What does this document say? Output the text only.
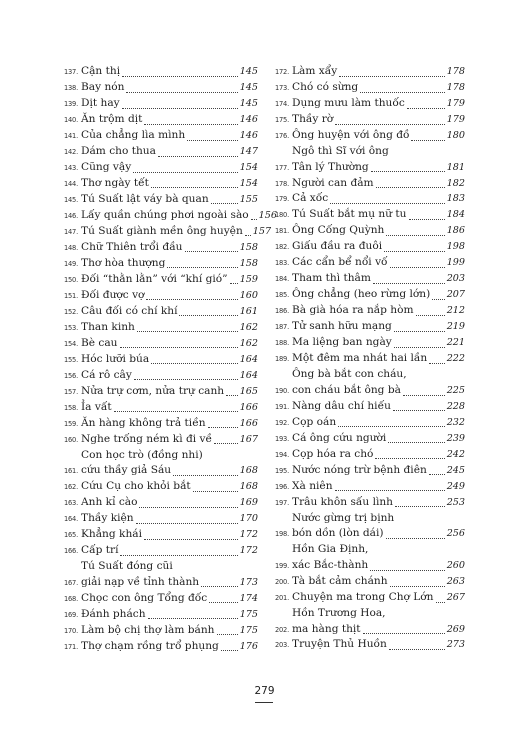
137. Cận thị	145
138. Bay nón	145
139. Dịt hay	145
140. Ăn trộm dịt	146
141. Của chẳng lìa mình	146
142. Dám cho thua	147
143. Cũng vậy	154
144. Thơ ngày tết	154
145. Tú Suất lật váy bà quan	155
146. Lấy quần chúng phơi ngoài sào 156
147. Tú Suất giành mền ông huyện 157
148. Chữ Thiên trổi đầu	158
149. Thơ hòa thượng	158
150. Đối “thằn lằn” với “khí gió” 159
151. Đối được vợ	160
152. Câu đối có chí khí	161
153. Than kinh	162
154. Bè cau	162
155. Hóc lưỡi búa	164
156. Cá rô cây	164
157. Nửa trự cơm, nửa trự canh 165
158. Ỉa vất	166
159. Ăn hàng không trả tiền	166
160. Nghe trống ném kì đi về	167
161.
Con học trò (đồng nhi)
cứu thầy giả Sáu	168
162. Cứu Cụ cho khỏi bắt	168
163. Anh kỉ cào	169
164. Thầy kiện	170
165. Khẳng khái	172
166. Cấp trí	172
167.
Tú Suất đóng cũi
giải nạp về tỉnh thành	173
168. Chọc con ông Tổng đốc	174
169. Đánh phách	175
170. Làm bộ chị thợ làm bánh	175
171. Thợ chạm rồng trổ phụng 176
172. Làm xẩy	178
173. Chó có sừng	178
174. Dụng mưu làm thuốc	179
175. Thầy rờ	179
176. Ông huyện với ông đồ	180
177.
Ngô thì Sĩ với ông
Tân lý Thường	181
178. Người can đảm	182
179. Cả xốc	183
180. Tú Suất bắt mụ nữ tu	184
181. Ông Cống Quỳnh	186
182. Giấu đầu ra đuôi	198
183. Các cẩn bể nổi vố	199
184. Tham thì thâm	203
185. Ông chẳng (heo rừng lớn) 207
186. Bà già hóa ra nắp hòm	212
187. Tử sanh hữu mạng	219
188. Ma liệng ban ngày	221
189. Một đêm ma nhát hai lần 222
190.
Ông bà bắt con cháu,
con cháu bắt ông bà	225
191. Nàng dâu chí hiếu	228
192. Cọp oán	232
193. Cá ông cứu người	239
194. Cọp hóa ra chó	242
195. Nước nóng trừ bệnh điên 245
196. Xà niên	249
197. Trâu khôn sấu lình	253
198.
Nước gừng trị bịnh
bón dồn (lòn dái)	256
199.
Hồn Gia Định,
xác Bắc-thành	260
200. Tà bắt cảm chánh	263
201. Chuyện ma trong Chợ Lớn 267
202.
Hồn Trương Hoa,
ma hàng thịt	269
203. Truyện Thủ Huồn	273
279
